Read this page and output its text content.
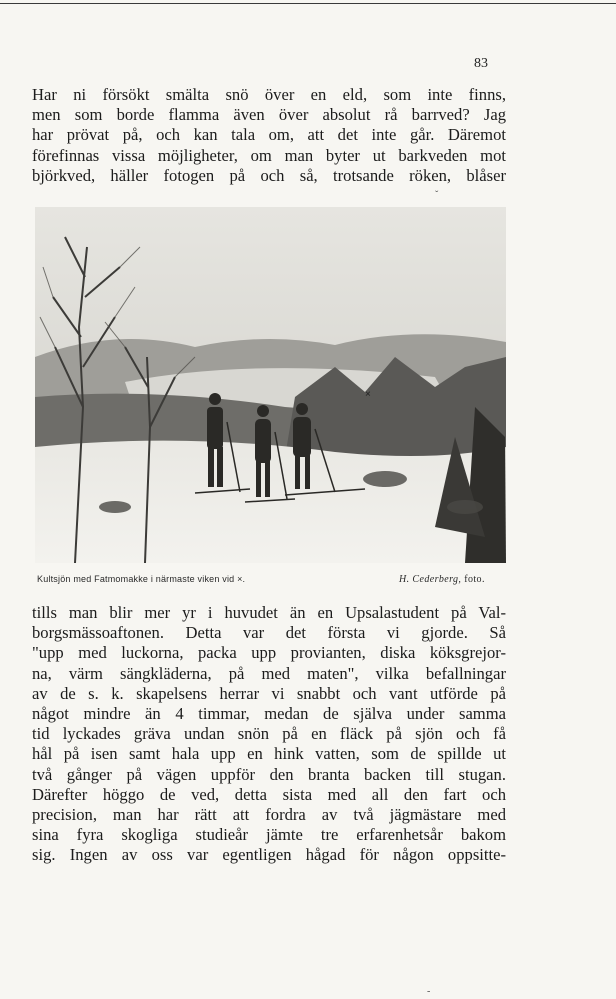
83
Har ni försökt smälta snö över en eld, som inte finns,
men som borde flamma även över absolut rå barrved? Jag
har prövat på, och kan tala om, att det inte går. Däremot
förefinnas vissa möjligheter, om man byter ut barkveden mot
björkved, häller fotogen på och så, trotsande röken, blåser
ˇ
×
Kultsjön med Fatmomakke i närmaste viken vid ×.	H. Cederberg, foto.
tills man blir mer yr i huvudet än en Upsalastudent på Val-
borgsmässoaftonen. Detta var det första vi gjorde. Så
"upp med luckorna, packa upp provianten, diska köksgrejor-
na, värm sängkläderna, på med maten", vilka befallningar
av de s. k. skapelsens herrar vi snabbt och vant utförde på
något mindre än 4 timmar, medan de själva under samma
tid lyckades gräva undan snön på en fläck på sjön och få
hål på isen samt hala upp en hink vatten, som de spillde ut
två gånger på vägen uppför den branta backen till stugan.
Därefter höggo de ved, detta sista med all den fart och
precision, man har rätt att fordra av två jägmästare med
sina fyra skogliga studieår jämte tre erfarenhetsår bakom
sig. Ingen av oss var egentligen hågad för någon oppsitte-
-
